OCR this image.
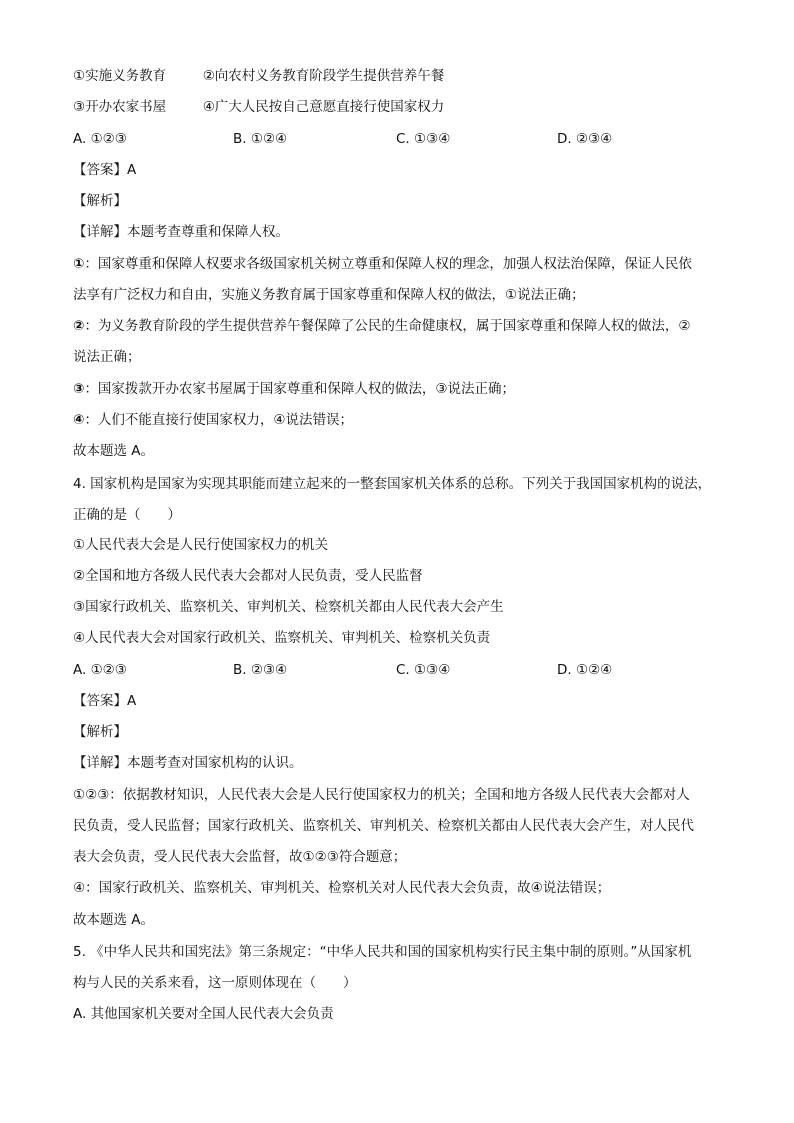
①实施义务教育	②向农村义务教育阶段学生提供营养午餐
③开办农家书屋	④广大人民按自己意愿直接行使国家权力
A. ①②③	B. ①②④	C. ①③④	D. ②③④
【答案】A
【解析】
【详解】本题考查尊重和保障人权。
①：国家尊重和保障人权要求各级国家机关树立尊重和保障人权的理念，加强人权法治保障，保证人民依
法享有广泛权力和自由，实施义务教育属于国家尊重和保障人权的做法，①说法正确；
②：为义务教育阶段的学生提供营养午餐保障了公民的生命健康权，属于国家尊重和保障人权的做法，②
说法正确；
③：国家拨款开办农家书屋属于国家尊重和保障人权的做法，③说法正确；
④：人们不能直接行使国家权力，④说法错误；
故本题选 A。
4. 国家机构是国家为实现其职能而建立起来的一整套国家机关体系的总称。下列关于我国国家机构的说法，
正确的是（　　）
①人民代表大会是人民行使国家权力的机关
②全国和地方各级人民代表大会都对人民负责，受人民监督
③国家行政机关、监察机关、审判机关、检察机关都由人民代表大会产生
④人民代表大会对国家行政机关、监察机关、审判机关、检察机关负责
A. ①②③	B. ②③④	C. ①③④	D. ①②④
【答案】A
【解析】
【详解】本题考查对国家机构的认识。
①②③：依据教材知识，人民代表大会是人民行使国家权力的机关；全国和地方各级人民代表大会都对人
民负责，受人民监督；国家行政机关、监察机关、审判机关、检察机关都由人民代表大会产生，对人民代
表大会负责，受人民代表大会监督，故①②③符合题意；
④：国家行政机关、监察机关、审判机关、检察机关对人民代表大会负责，故④说法错误；
故本题选 A。
5. 《中华人民共和国宪法》第三条规定：“中华人民共和国的国家机构实行民主集中制的原则。”从国家机
构与人民的关系来看，这一原则体现在（　　）
A. 其他国家机关要对全国人民代表大会负责
